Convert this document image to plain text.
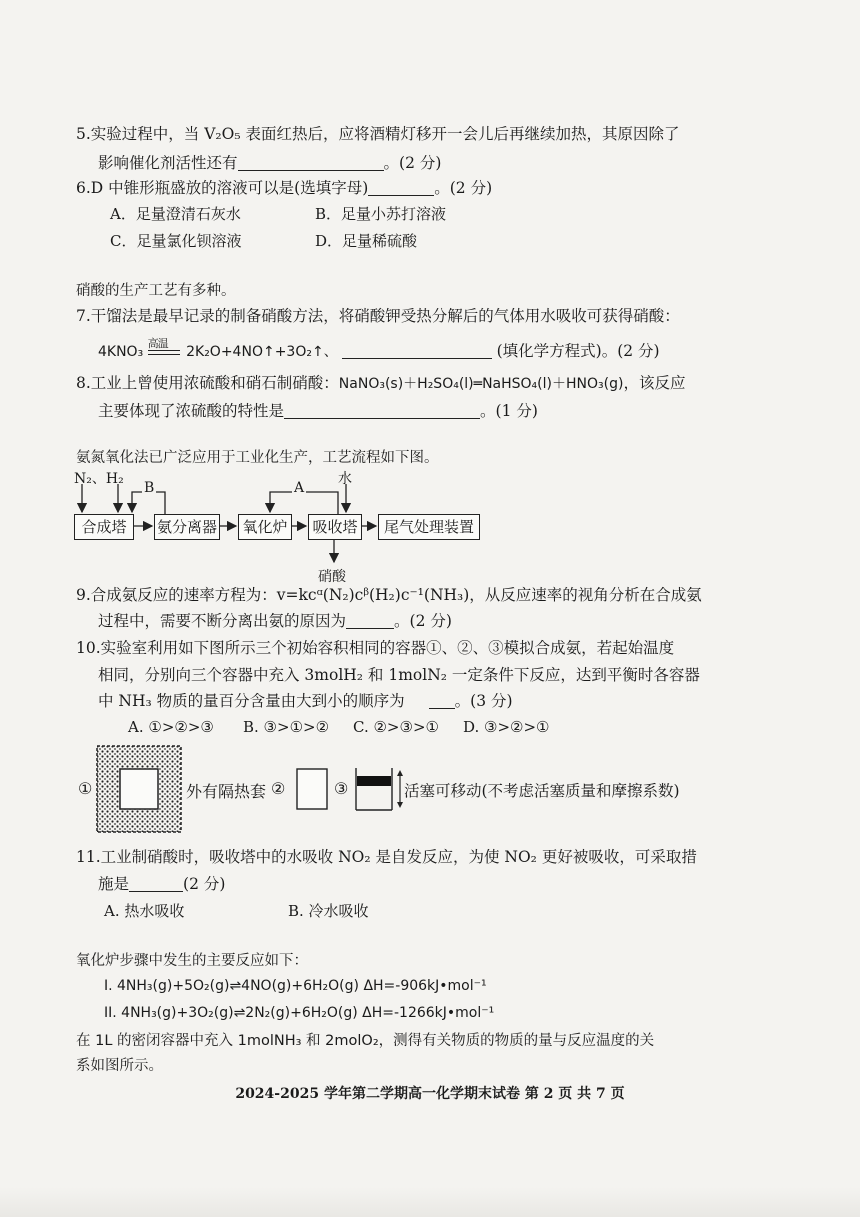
5.实验过程中，当 V₂O₅ 表面红热后，应将酒精灯移开一会儿后再继续加热，其原因除了
影响催化剂活性还有	。(2 分)
6.D 中锥形瓶盛放的溶液可以是(选填字母)	。(2 分)
A．足量澄清石灰水	B．足量小苏打溶液
C．足量氯化钡溶液	D．足量稀硫酸
硝酸的生产工艺有多种。
7.干馏法是最早记录的制备硝酸方法，将硝酸钾受热分解后的气体用水吸收可获得硝酸：
4KNO₃
高温
2K₂O+4NO↑+3O₂↑、	(填化学方程式)。(2 分)
8.工业上曾使用浓硫酸和硝石制硝酸：NaNO₃(s)＋H₂SO₄(l)═NaHSO₄(l)＋HNO₃(g)，该反应
主要体现了浓硫酸的特性是	。(1 分)
氨氮氧化法已广泛应用于工业化生产，工艺流程如下图。
N₂、H₂
B	A
水
合成塔	氨分离器 氧化炉	吸收塔	尾气处理装置
硝酸
9.合成氨反应的速率方程为：v=kcᵅ(N₂)cᵝ(H₂)c⁻¹(NH₃)，从反应速率的视角分析在合成氨
过程中，需要不断分离出氨的原因为	。(2 分)
10.实验室利用如下图所示三个初始容积相同的容器①、②、③模拟合成氨，若起始温度
相同，分别向三个容器中充入 3molH₂ 和 1molN₂ 一定条件下反应，达到平衡时各容器
中 NH₃ 物质的量百分含量由大到小的顺序为	。(3 分)
A. ①>②>③ B. ③>①>② C. ②>③>① D. ③>②>①
①	外有隔热套 ②	③	活塞可移动(不考虑活塞质量和摩擦系数)
11.工业制硝酸时，吸收塔中的水吸收 NO₂ 是自发反应，为使 NO₂ 更好被吸收，可采取措
施是	(2 分)
A. 热水吸收	B. 冷水吸收
氧化炉步骤中发生的主要反应如下：
I. 4NH₃(g)+5O₂(g)⇌4NO(g)+6H₂O(g) ΔH=-906kJ•mol⁻¹
II. 4NH₃(g)+3O₂(g)⇌2N₂(g)+6H₂O(g) ΔH=-1266kJ•mol⁻¹
在 1L 的密闭容器中充入 1molNH₃ 和 2molO₂，测得有关物质的物质的量与反应温度的关
系如图所示。
2024-2025 学年第二学期高一化学期末试卷 第 2 页 共 7 页
